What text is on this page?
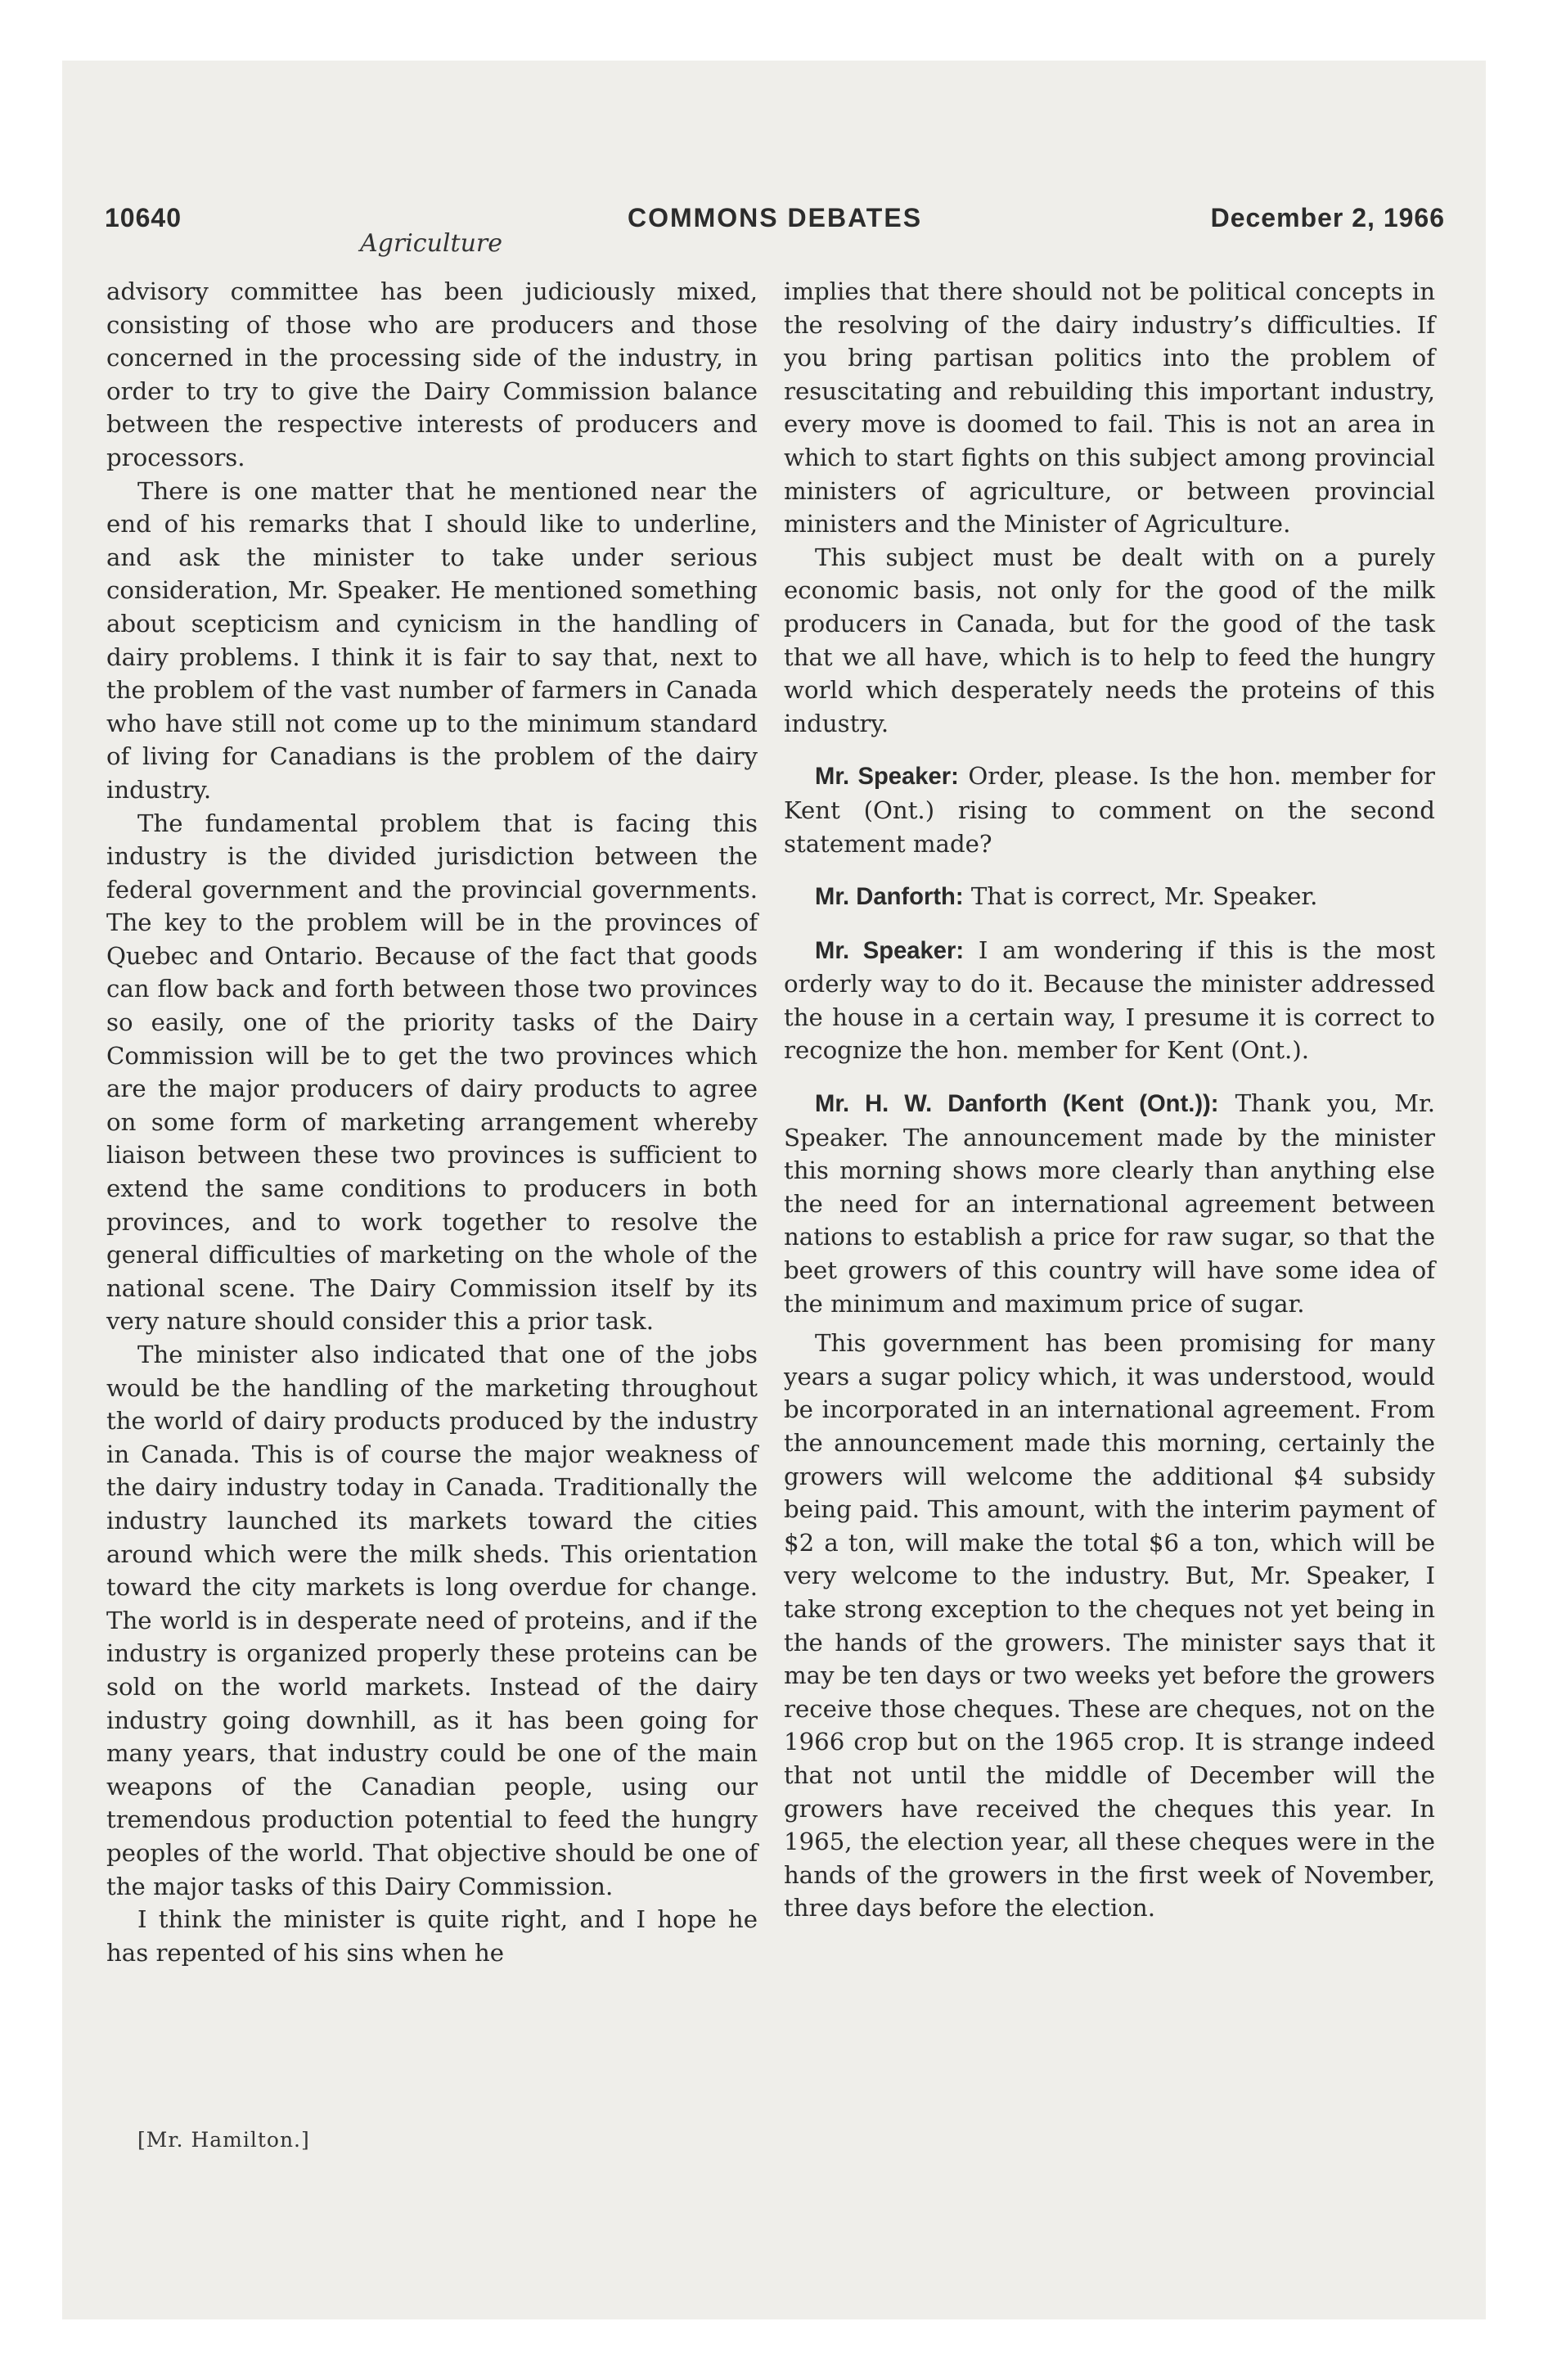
10640	COMMONS DEBATES	December 2, 1966
Agriculture

advisory committee has been judiciously mixed, consisting of those who are producers and those concerned in the processing side of the industry, in order to try to give the Dairy Commission balance between the respective interests of producers and processors.

There is one matter that he mentioned near the end of his remarks that I should like to underline, and ask the minister to take under serious consideration, Mr. Speaker. He mentioned something about scepticism and cynicism in the handling of dairy problems. I think it is fair to say that, next to the problem of the vast number of farmers in Canada who have still not come up to the minimum standard of living for Canadians is the problem of the dairy industry.

The fundamental problem that is facing this industry is the divided jurisdiction between the federal government and the provincial governments. The key to the problem will be in the provinces of Quebec and Ontario. Because of the fact that goods can flow back and forth between those two provinces so easily, one of the priority tasks of the Dairy Commission will be to get the two provinces which are the major producers of dairy products to agree on some form of marketing arrangement whereby liaison between these two provinces is sufficient to extend the same conditions to producers in both provinces, and to work together to resolve the general difficulties of marketing on the whole of the national scene. The Dairy Commission itself by its very nature should consider this a prior task.

The minister also indicated that one of the jobs would be the handling of the marketing throughout the world of dairy products produced by the industry in Canada. This is of course the major weakness of the dairy industry today in Canada. Traditionally the industry launched its markets toward the cities around which were the milk sheds. This orientation toward the city markets is long overdue for change. The world is in desperate need of proteins, and if the industry is organized properly these proteins can be sold on the world markets. Instead of the dairy industry going downhill, as it has been going for many years, that industry could be one of the main weapons of the Canadian people, using our tremendous production potential to feed the hungry peoples of the world. That objective should be one of the major tasks of this Dairy Commission.

I think the minister is quite right, and I hope he has repented of his sins when he

[Mr. Hamilton.]

implies that there should not be political concepts in the resolving of the dairy industry’s difficulties. If you bring partisan politics into the problem of resuscitating and rebuilding this important industry, every move is doomed to fail. This is not an area in which to start fights on this subject among provincial ministers of agriculture, or between provincial ministers and the Minister of Agriculture.

This subject must be dealt with on a purely economic basis, not only for the good of the milk producers in Canada, but for the good of the task that we all have, which is to help to feed the hungry world which desperately needs the proteins of this industry.

Mr. Speaker: Order, please. Is the hon. member for Kent (Ont.) rising to comment on the second statement made?

Mr. Danforth: That is correct, Mr. Speaker.

Mr. Speaker: I am wondering if this is the most orderly way to do it. Because the minister addressed the house in a certain way, I presume it is correct to recognize the hon. member for Kent (Ont.).

Mr. H. W. Danforth (Kent (Ont.)): Thank you, Mr. Speaker. The announcement made by the minister this morning shows more clearly than anything else the need for an international agreement between nations to establish a price for raw sugar, so that the beet growers of this country will have some idea of the minimum and maximum price of sugar.

This government has been promising for many years a sugar policy which, it was understood, would be incorporated in an international agreement. From the announcement made this morning, certainly the growers will welcome the additional $4 subsidy being paid. This amount, with the interim payment of $2 a ton, will make the total $6 a ton, which will be very welcome to the industry. But, Mr. Speaker, I take strong exception to the cheques not yet being in the hands of the growers. The minister says that it may be ten days or two weeks yet before the growers receive those cheques. These are cheques, not on the 1966 crop but on the 1965 crop. It is strange indeed that not until the middle of December will the growers have received the cheques this year. In 1965, the election year, all these cheques were in the hands of the growers in the first week of November, three days before the election.
